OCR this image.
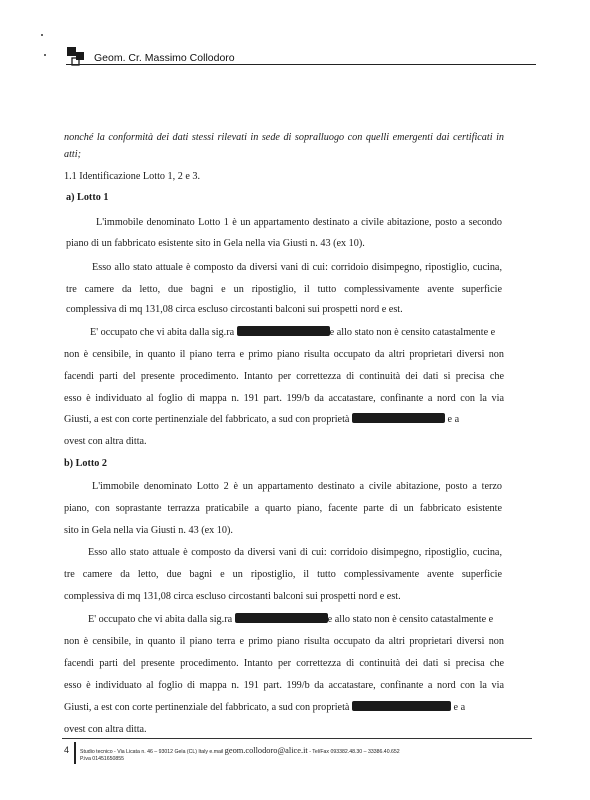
Geom. Cr. Massimo Collodoro
nonché la conformità dei dati stessi rilevati in sede di sopralluogo con quelli emergenti dai certificati in
atti;
1.1 Identificazione Lotto 1, 2 e 3.
a) Lotto 1
L'immobile denominato Lotto 1 è un appartamento destinato a civile abitazione, posto a secondo
piano di un fabbricato esistente sito in Gela nella via Giusti n. 43 (ex 10).
Esso allo stato attuale è composto da diversi vani di cui: corridoio disimpegno, ripostiglio, cucina,
tre camere da letto, due bagni e un ripostiglio, il tutto complessivamente avente superficie
complessiva di mq 131,08 circa escluso circostanti balconi sui prospetti nord e est.
E' occupato che vi abita dalla sig.ra	e allo stato non è censito catastalmente e
non è censibile, in quanto il piano terra e primo piano risulta occupato da altri proprietari diversi non
facendi parti del presente procedimento. Intanto per correttezza di continuità dei dati si precisa che
esso è individuato al foglio di mappa n. 191 part. 199/b da accatastare, confinante a nord con la via
Giusti, a est con corte pertinenziale del fabbricato, a sud con proprietà	e a
ovest con altra ditta.
b) Lotto 2
L'immobile denominato Lotto 2 è un appartamento destinato a civile abitazione, posto a terzo
piano, con soprastante terrazza praticabile a quarto piano, facente parte di un fabbricato esistente
sito in Gela nella via Giusti n. 43 (ex 10).
Esso allo stato attuale è composto da diversi vani di cui: corridoio disimpegno, ripostiglio, cucina,
tre camere da letto, due bagni e un ripostiglio, il tutto complessivamente avente superficie
complessiva di mq 131,08 circa escluso circostanti balconi sui prospetti nord e est.
E' occupato che vi abita dalla sig.ra	e allo stato non è censito catastalmente e
non è censibile, in quanto il piano terra e primo piano risulta occupato da altri proprietari diversi non
facendi parti del presente procedimento. Intanto per correttezza di continuità dei dati si precisa che
esso è individuato al foglio di mappa n. 191 part. 199/b da accatastare, confinante a nord con la via
Giusti, a est con corte pertinenziale del fabbricato, a sud con proprietà	e a
ovest con altra ditta.
4 Studio tecnico - Via Licata n. 46 – 93012 Gela (CL) Italy e.mail geom.collodoro@alice.it - Tel/Fax 093382.48.30 – 33386.40.652
P.iva 01451650855
